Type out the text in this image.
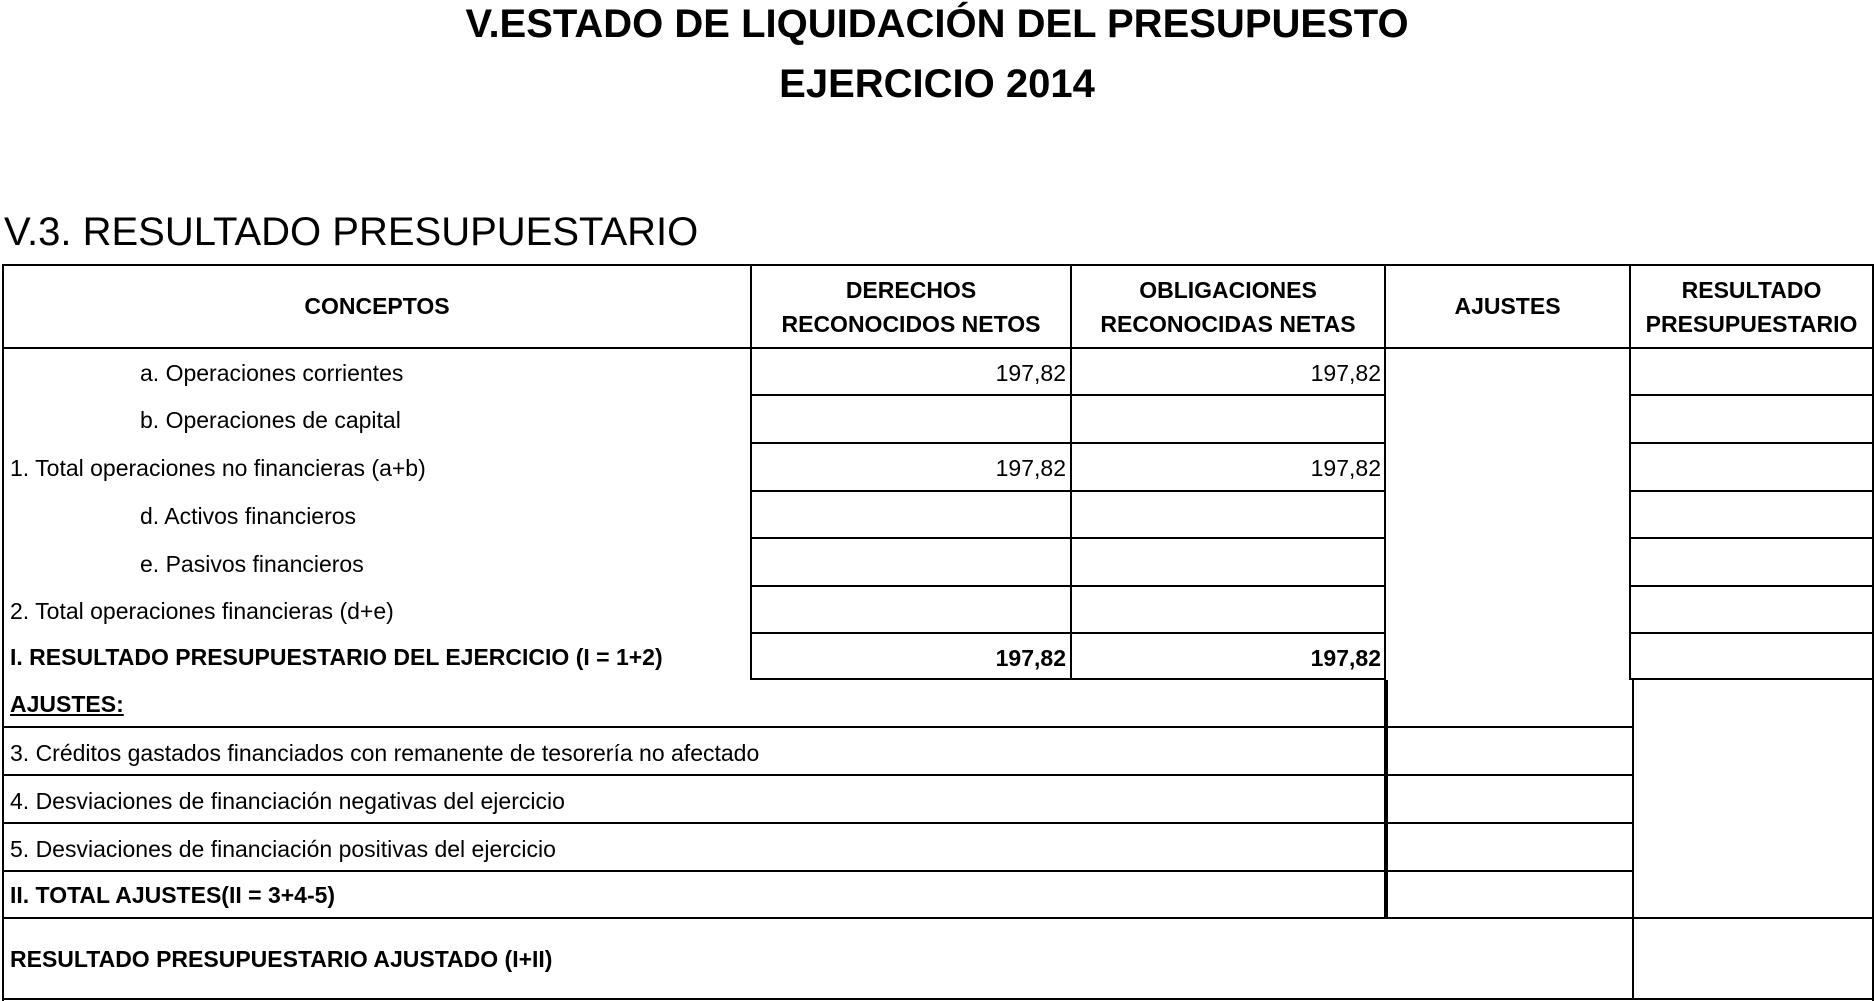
V.ESTADO DE LIQUIDACIÓN DEL PRESUPUESTO
EJERCICIO 2014
V.3. RESULTADO PRESUPUESTARIO
CONCEPTOS
DERECHOS
RECONOCIDOS NETOS
OBLIGACIONES
RECONOCIDAS NETAS
AJUSTES
RESULTADO
PRESUPUESTARIO
a. Operaciones corrientes
b. Operaciones de capital
1. Total operaciones no financieras (a+b)
d. Activos financieros
e. Pasivos financieros
2. Total operaciones financieras (d+e)
I. RESULTADO PRESUPUESTARIO DEL EJERCICIO (I = 1+2)
197,82
197,82
197,82
197,82
197,82
197,82
AJUSTES:
3. Créditos gastados financiados con remanente de tesorería no afectado
4. Desviaciones de financiación negativas del ejercicio
5. Desviaciones de financiación positivas del ejercicio
II. TOTAL AJUSTES(II = 3+4-5)
RESULTADO PRESUPUESTARIO AJUSTADO (I+II)
